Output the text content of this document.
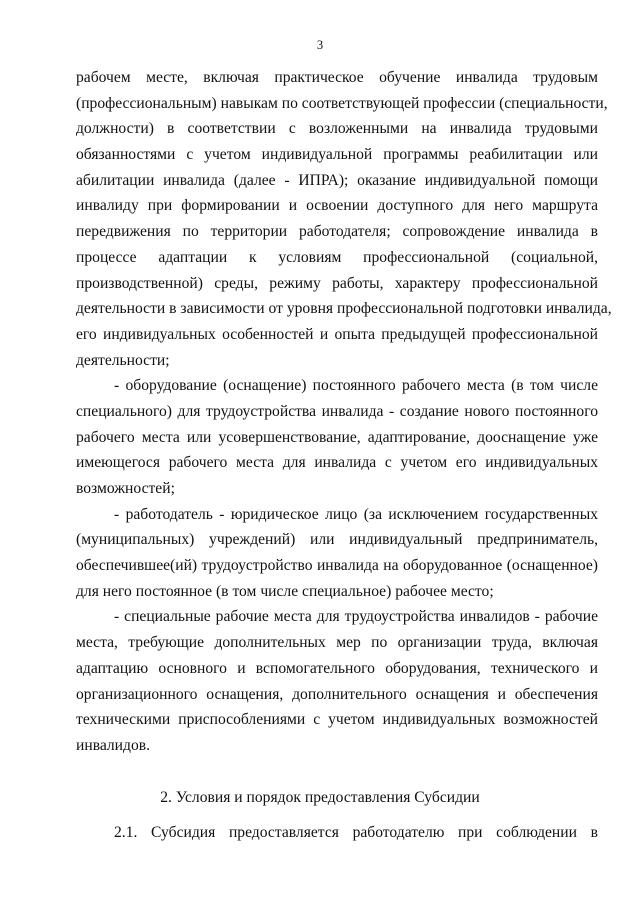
3
рабочем месте, включая практическое обучение инвалида трудовым
(профессиональным) навыкам по соответствующей профессии (специальности,
должности) в соответствии с возложенными на инвалида трудовыми
обязанностями с учетом индивидуальной программы реабилитации или
абилитации инвалида (далее - ИПРА); оказание индивидуальной помощи
инвалиду при формировании и освоении доступного для него маршрута
передвижения по территории работодателя; сопровождение инвалида в
процессе адаптации к условиям профессиональной (социальной,
производственной) среды, режиму работы, характеру профессиональной
деятельности в зависимости от уровня профессиональной подготовки инвалида,
его индивидуальных особенностей и опыта предыдущей профессиональной
деятельности;
- оборудование (оснащение) постоянного рабочего места (в том числе
специального) для трудоустройства инвалида - создание нового постоянного
рабочего места или усовершенствование, адаптирование, дооснащение уже
имеющегося рабочего места для инвалида с учетом его индивидуальных
возможностей;
- работодатель - юридическое лицо (за исключением государственных
(муниципальных) учреждений) или индивидуальный предприниматель,
обеспечившее(ий) трудоустройство инвалида на оборудованное (оснащенное)
для него постоянное (в том числе специальное) рабочее место;
- специальные рабочие места для трудоустройства инвалидов - рабочие
места, требующие дополнительных мер по организации труда, включая
адаптацию основного и вспомогательного оборудования, технического и
организационного оснащения, дополнительного оснащения и обеспечения
техническими приспособлениями с учетом индивидуальных возможностей
инвалидов.
2. Условия и порядок предоставления Субсидии
2.1. Субсидия предоставляется работодателю при соблюдении в
